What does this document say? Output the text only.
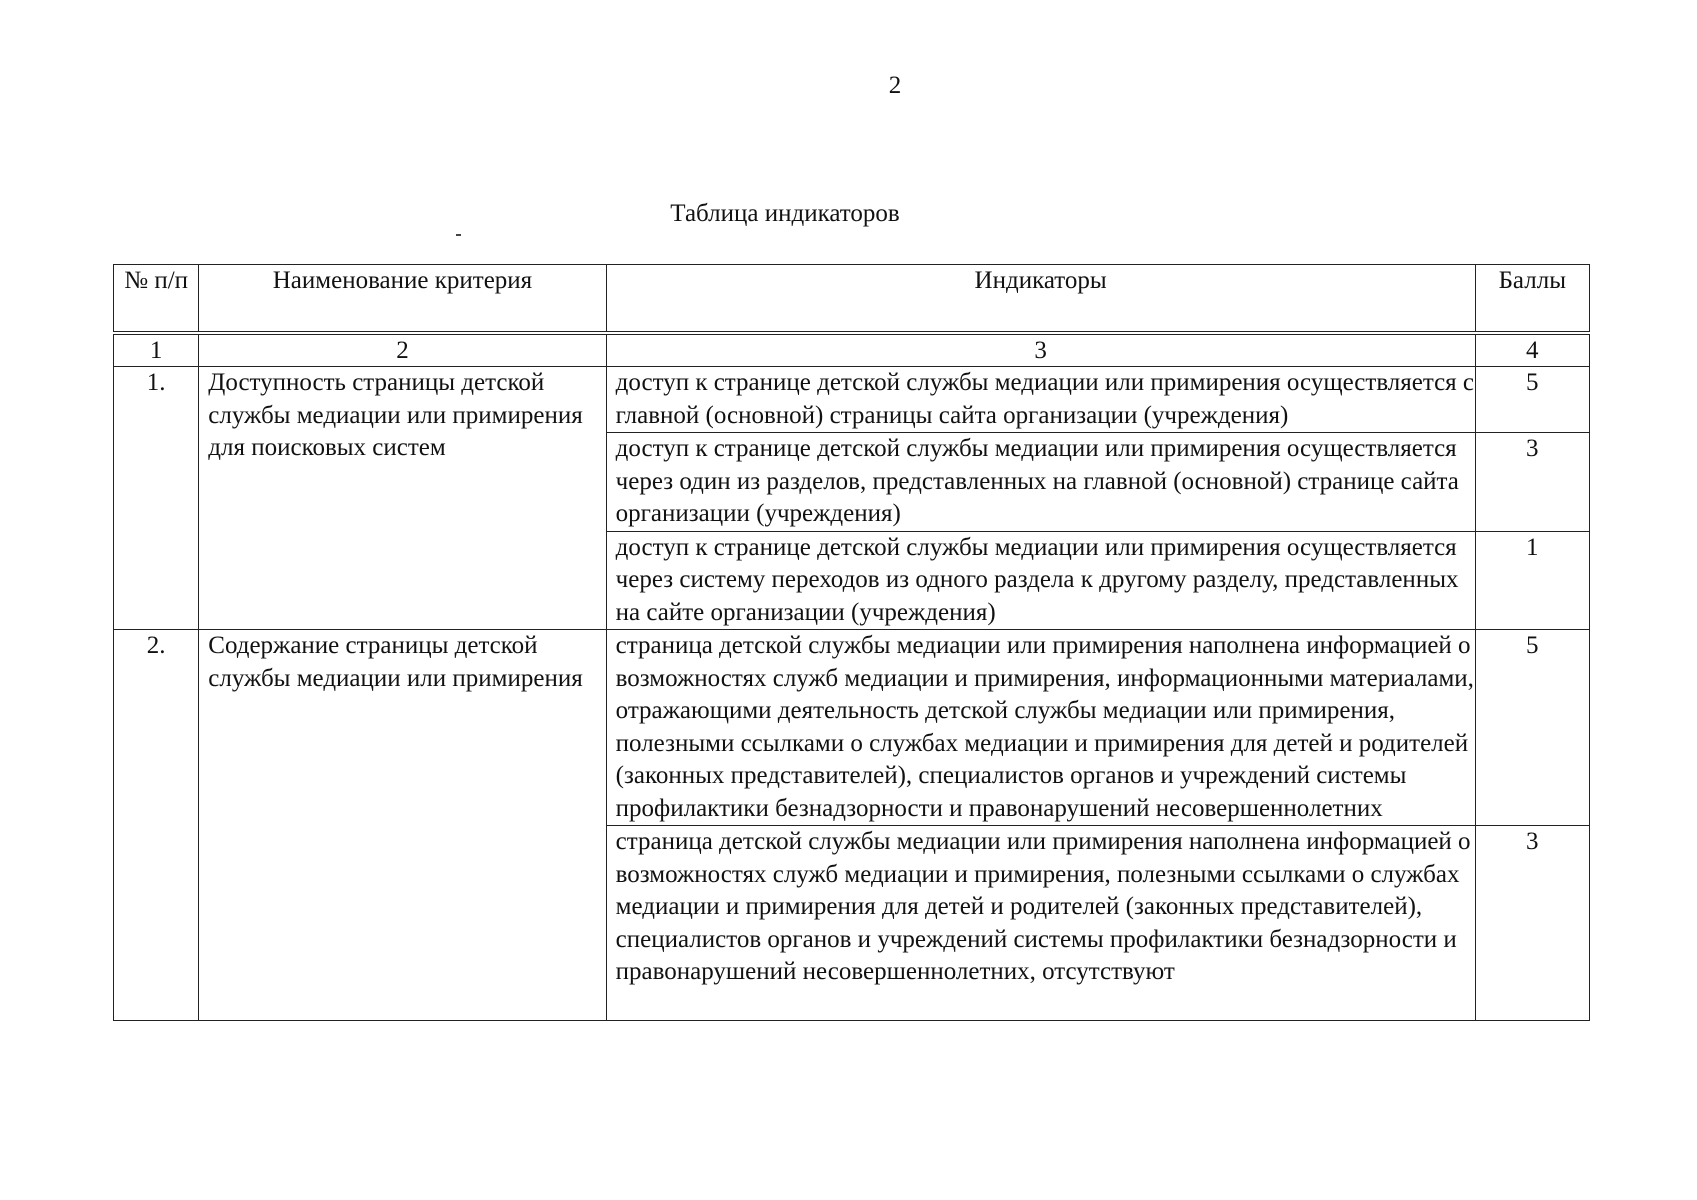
2
Таблица индикаторов
№ п/п	Наименование критерия	Индикаторы	Баллы
1	2	3	4
1.	Доступность страницы детской службы медиации или примирения для поисковых систем	доступ к странице детской службы медиации или примирения осуществляется с главной (основной) страницы сайта организации (учреждения)	5
		доступ к странице детской службы медиации или примирения осуществляется через один из разделов, представленных на главной (основной) странице сайта организации (учреждения)	3
		доступ к странице детской службы медиации или примирения осуществляется через систему переходов из одного раздела к другому разделу, представленных на сайте организации (учреждения)	1
2.	Содержание страницы детской службы медиации или примирения	страница детской службы медиации или примирения наполнена информацией о возможностях служб медиации и примирения, информационными материалами, отражающими деятельность детской службы медиации или примирения, полезными ссылками о службах медиации и примирения для детей и родителей (законных представителей), специалистов органов и учреждений системы профилактики безнадзорности и правонарушений несовершеннолетних	5
		страница детской службы медиации или примирения наполнена информацией о возможностях служб медиации и примирения, полезными ссылками о службах медиации и примирения для детей и родителей (законных представителей), специалистов органов и учреждений системы профилактики безнадзорности и правонарушений несовершеннолетних, отсутствуют	3
